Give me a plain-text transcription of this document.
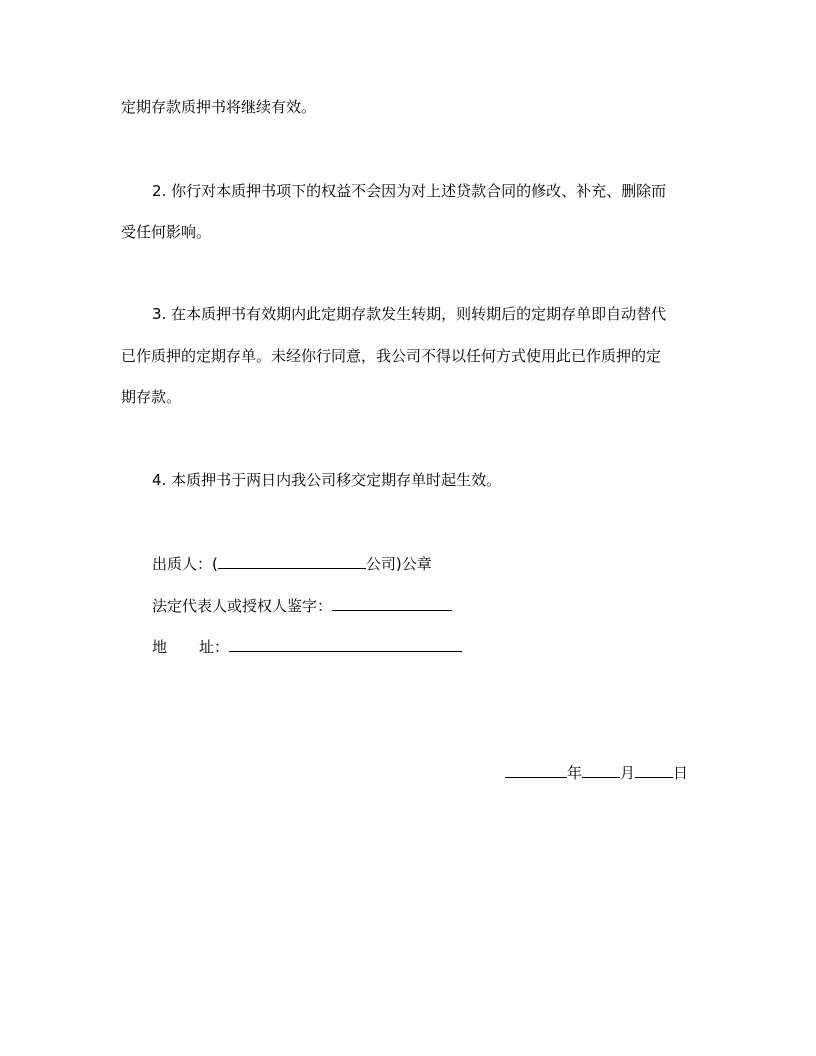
定期存款质押书将继续有效。

2. 你行对本质押书项下的权益不会因为对上述贷款合同的修改、补充、删除而

受任何影响。

3. 在本质押书有效期内此定期存款发生转期，则转期后的定期存单即自动替代

已作质押的定期存单。未经你行同意，我公司不得以任何方式使用此已作质押的定

期存款。

4. 本质押书于两日内我公司移交定期存单时起生效。

出质人：(	公司)公章
法定代表人或授权人鉴字：
地 址：
年	月	日
